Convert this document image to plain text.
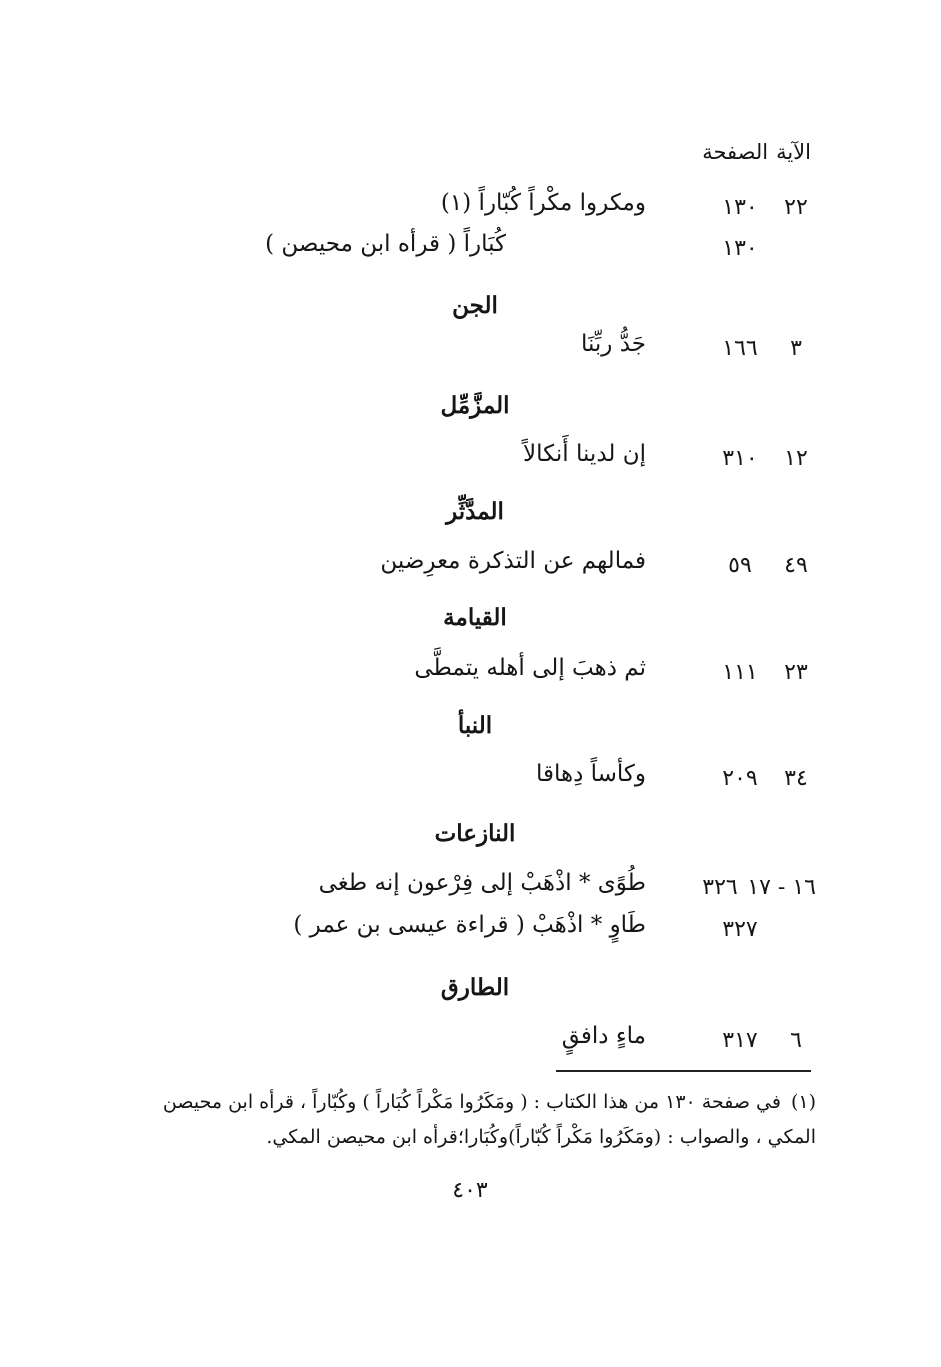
الآيةالصفحة
٢٢
١٣٠
ومكروا مكْراً كُبّاراً (١)
١٣٠
كُبَاراً ( قرأه ابن محيصن )
الجن
٣
١٦٦
جَدُّ ربِّنَا
المزَّمِّل
١٢
٣١٠
إن لدينا أَنكالاً
المدَّثِّر
٤٩
٥٩
فمالهم عن التذكرة معرِضين
القيامة
٢٣
١١١
ثم ذهبَ إلى أهله يتمطَّى
النبأ
٣٤
٢٠٩
وكأساً دِهاقا
النازعات
١٦ - ١٧
٣٢٦
طُوًى * اذْهَبْ إلى فِرْعون إنه طغى
٣٢٧
طَاوٍ * اذْهَبْ ( قراءة عيسى بن عمر )
الطارق
٦
٣١٧
ماءٍ دافقٍ
(١)في صفحة ١٣٠ من هذا الكتاب : ( ومَكَرُوا مَكْراً كُبَاراً ) وكُبّاراً ، قرأه ابن محيصن المكي ، والصواب : (ومَكَرُوا مَكْراً كُبّاراً)وكُبَارا؛قرأه ابن محيصن المكي.
٤٠٣
